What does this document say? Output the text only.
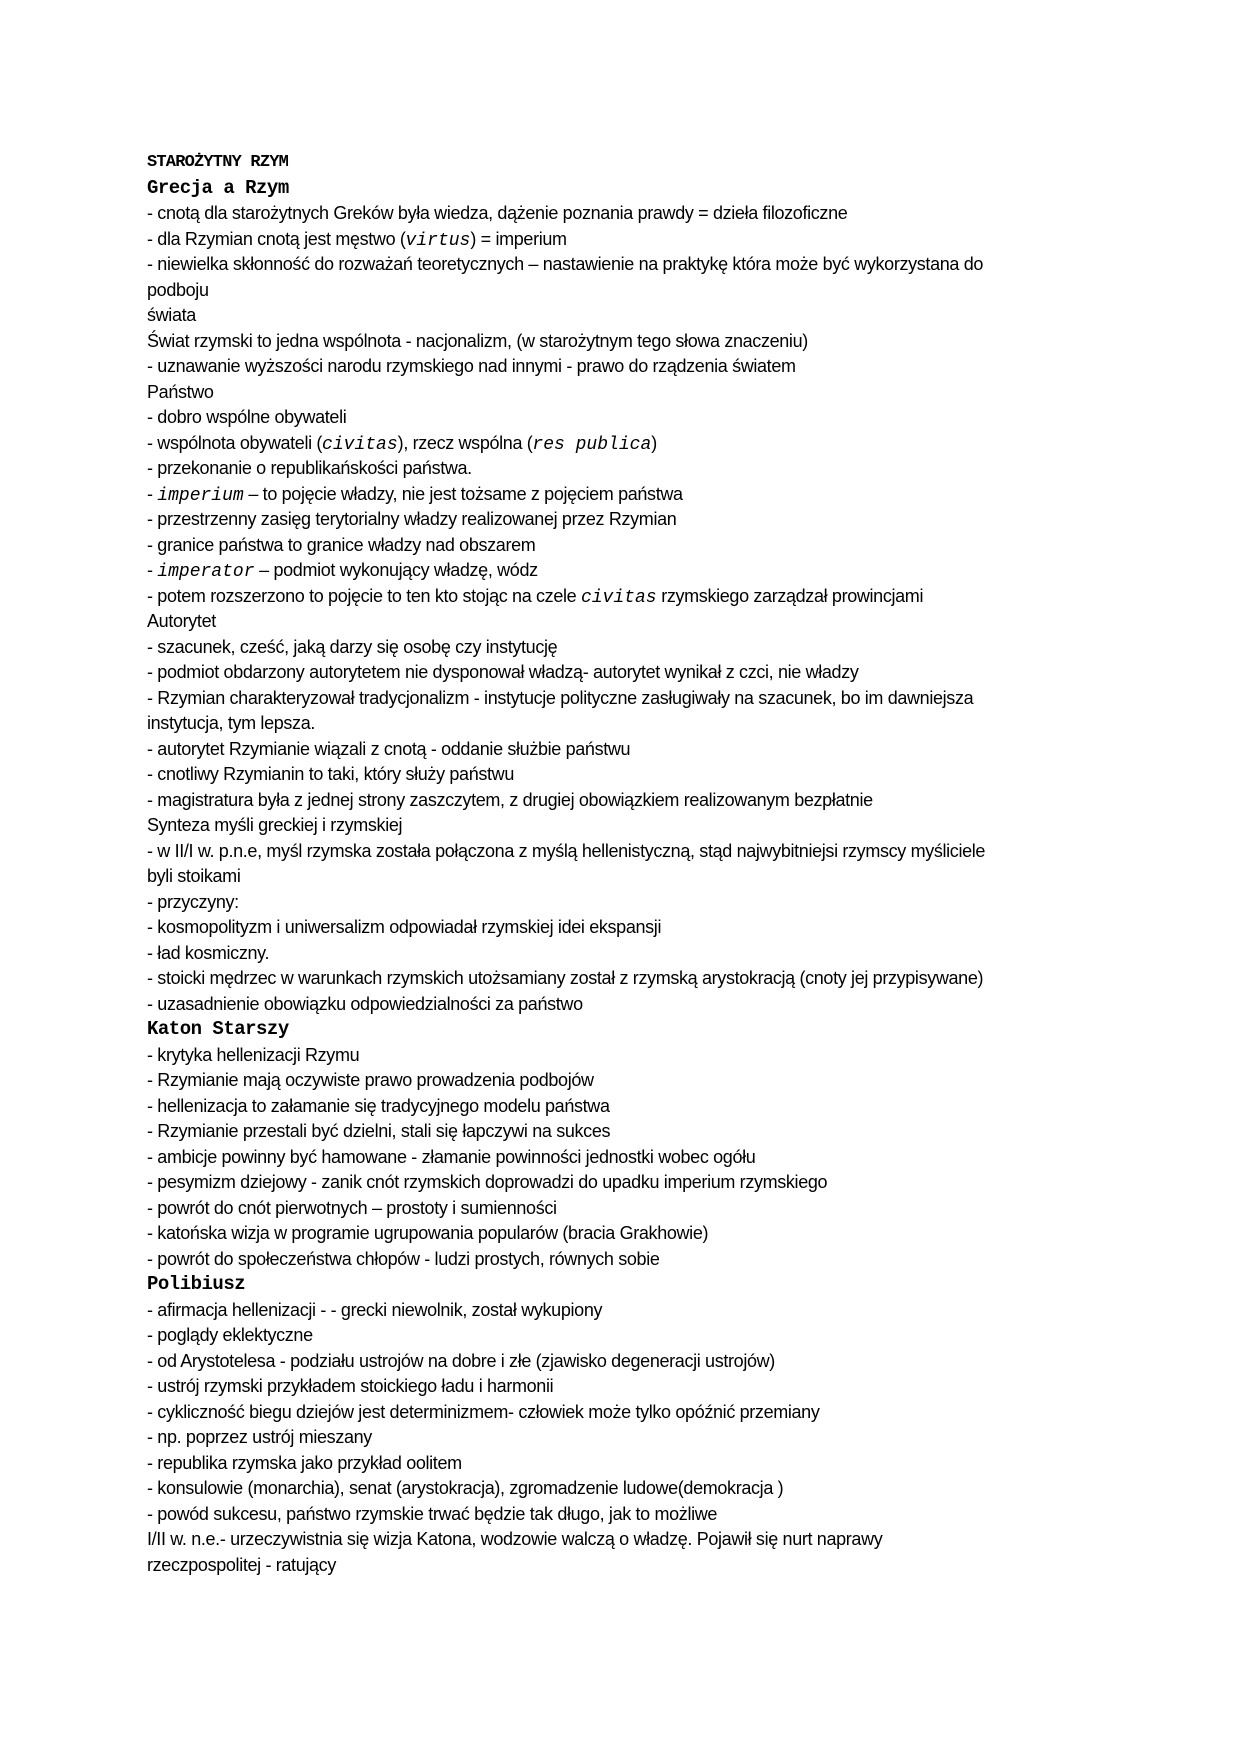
STAROŻYTNY RZYM
Grecja a Rzym
- cnotą dla starożytnych Greków była wiedza, dążenie poznania prawdy = dzieła filozoficzne
- dla Rzymian cnotą jest męstwo (virtus) = imperium
- niewielka skłonność do rozważań teoretycznych – nastawienie na praktykę która może być wykorzystana do
podboju
świata
Świat rzymski to jedna wspólnota - nacjonalizm, (w starożytnym tego słowa znaczeniu)
- uznawanie wyższości narodu rzymskiego nad innymi - prawo do rządzenia światem
Państwo
- dobro wspólne obywateli
- wspólnota obywateli (civitas), rzecz wspólna (res publica)
- przekonanie o republikańskości państwa.
- imperium – to pojęcie władzy, nie jest tożsame z pojęciem państwa
- przestrzenny zasięg terytorialny władzy realizowanej przez Rzymian
- granice państwa to granice władzy nad obszarem
- imperator – podmiot wykonujący władzę, wódz
- potem rozszerzono to pojęcie to ten kto stojąc na czele civitas rzymskiego zarządzał prowincjami
Autorytet
- szacunek, cześć, jaką darzy się osobę czy instytucję
- podmiot obdarzony autorytetem nie dysponował władzą- autorytet wynikał z czci, nie władzy
- Rzymian charakteryzował tradycjonalizm - instytucje polityczne zasługiwały na szacunek, bo im dawniejsza
instytucja, tym lepsza.
- autorytet Rzymianie wiązali z cnotą - oddanie służbie państwu
- cnotliwy Rzymianin to taki, który służy państwu
- magistratura była z jednej strony zaszczytem, z drugiej obowiązkiem realizowanym bezpłatnie
Synteza myśli greckiej i rzymskiej
- w II/I w. p.n.e, myśl rzymska została połączona z myślą hellenistyczną, stąd najwybitniejsi rzymscy myśliciele
byli stoikami
- przyczyny:
- kosmopolityzm i uniwersalizm odpowiadał rzymskiej idei ekspansji
- ład kosmiczny.
- stoicki mędrzec w warunkach rzymskich utożsamiany został z rzymską arystokracją (cnoty jej przypisywane)
- uzasadnienie obowiązku odpowiedzialności za państwo
Katon Starszy
- krytyka hellenizacji Rzymu
- Rzymianie mają oczywiste prawo prowadzenia podbojów
- hellenizacja to załamanie się tradycyjnego modelu państwa
- Rzymianie przestali być dzielni, stali się łapczywi na sukces
- ambicje powinny być hamowane - złamanie powinności jednostki wobec ogółu
- pesymizm dziejowy - zanik cnót rzymskich doprowadzi do upadku imperium rzymskiego
- powrót do cnót pierwotnych – prostoty i sumienności
- katońska wizja w programie ugrupowania popularów (bracia Grakhowie)
- powrót do społeczeństwa chłopów - ludzi prostych, równych sobie
Polibiusz
- afirmacja hellenizacji - - grecki niewolnik, został wykupiony
- poglądy eklektyczne
- od Arystotelesa - podziału ustrojów na dobre i złe (zjawisko degeneracji ustrojów)
- ustrój rzymski przykładem stoickiego ładu i harmonii
- cykliczność biegu dziejów jest determinizmem- człowiek może tylko opóźnić przemiany
- np. poprzez ustrój mieszany
- republika rzymska jako przykład oolitem
- konsulowie (monarchia), senat (arystokracja), zgromadzenie ludowe(demokracja )
- powód sukcesu, państwo rzymskie trwać będzie tak długo, jak to możliwe
I/II w. n.e.- urzeczywistnia się wizja Katona, wodzowie walczą o władzę. Pojawił się nurt naprawy
rzeczpospolitej - ratujący
